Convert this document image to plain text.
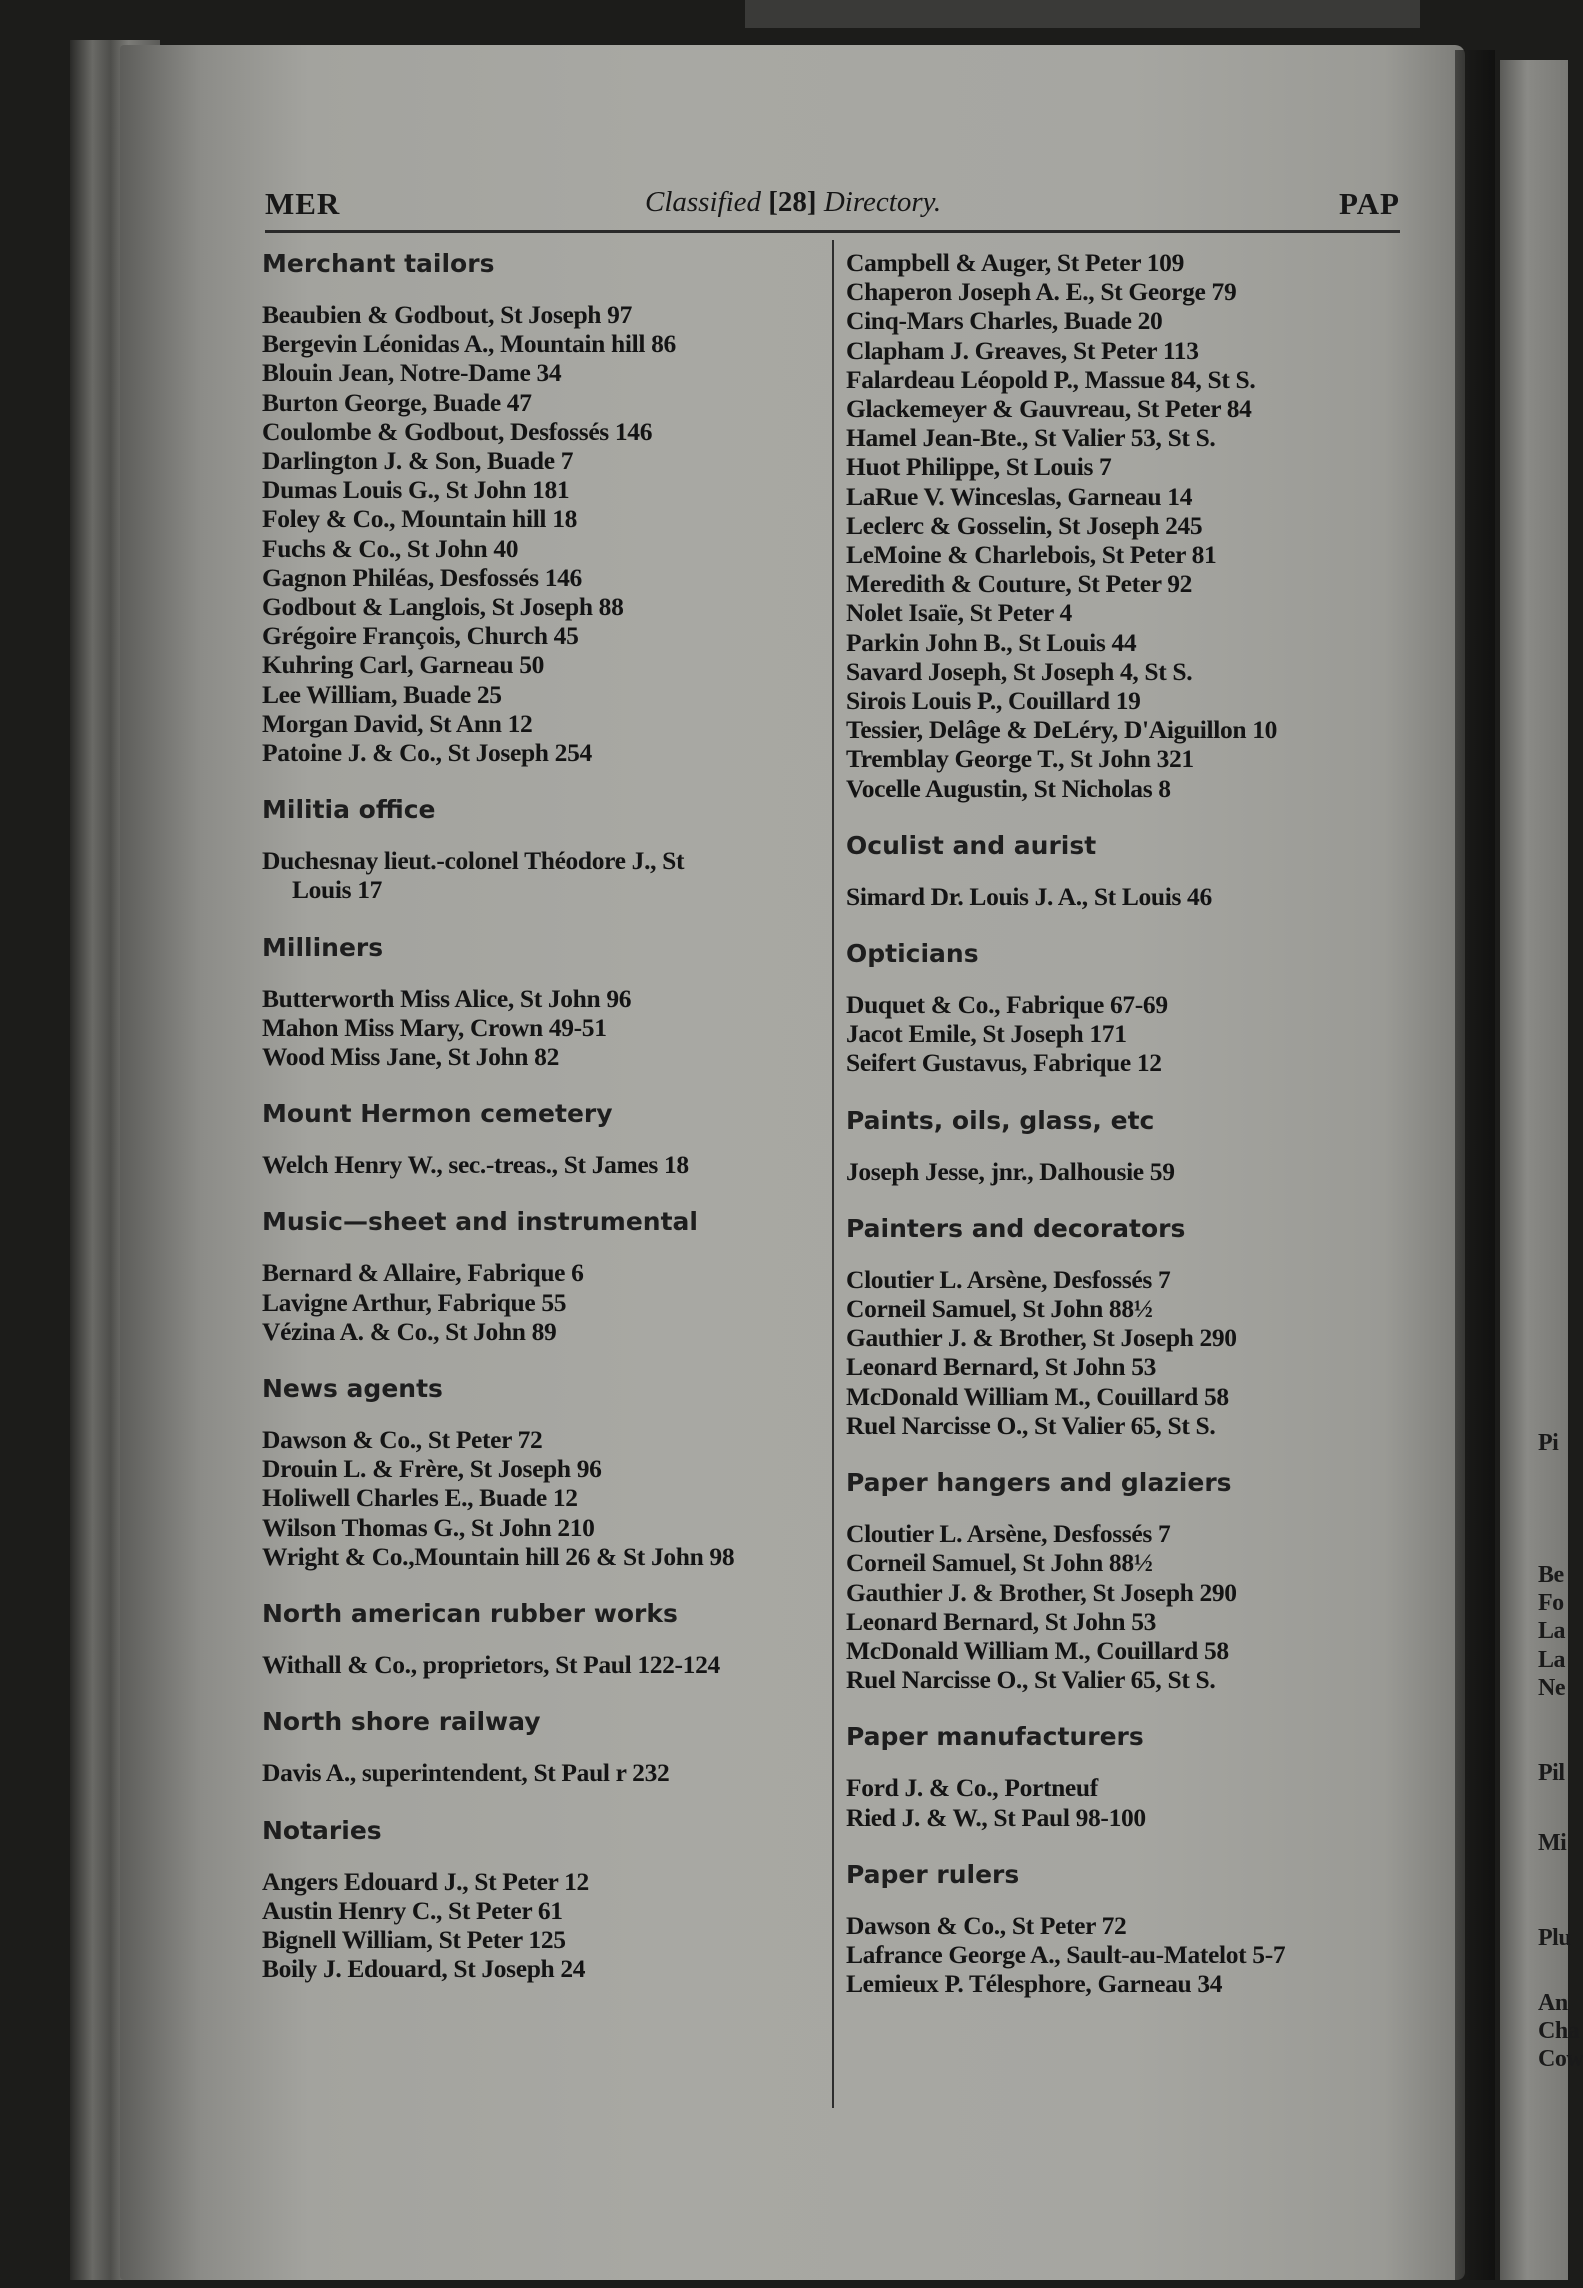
Pi
Be
Fo
La
La
Ne
Pil
Mi
Plu
An
Cha
Cow
MER	Classified [28] Directory.	PAP
Merchant tailors
Beaubien & Godbout, St Joseph 97
Bergevin Léonidas A., Mountain hill 86
Blouin Jean, Notre-Dame 34
Burton George, Buade 47
Coulombe & Godbout, Desfossés 146
Darlington J. & Son, Buade 7
Dumas Louis G., St John 181
Foley & Co., Mountain hill 18
Fuchs & Co., St John 40
Gagnon Philéas, Desfossés 146
Godbout & Langlois, St Joseph 88
Grégoire François, Church 45
Kuhring Carl, Garneau 50
Lee William, Buade 25
Morgan David, St Ann 12
Patoine J. & Co., St Joseph 254
Militia office
Duchesnay lieut.-colonel Théodore J., St
Louis 17
Milliners
Butterworth Miss Alice, St John 96
Mahon Miss Mary, Crown 49-51
Wood Miss Jane, St John 82
Mount Hermon cemetery
Welch Henry W., sec.-treas., St James 18
Music—sheet and instrumental
Bernard & Allaire, Fabrique 6
Lavigne Arthur, Fabrique 55
Vézina A. & Co., St John 89
News agents
Dawson & Co., St Peter 72
Drouin L. & Frère, St Joseph 96
Holiwell Charles E., Buade 12
Wilson Thomas G., St John 210
Wright & Co.,Mountain hill 26 & St John 98
North american rubber works
Withall & Co., proprietors, St Paul 122-124
North shore railway
Davis A., superintendent, St Paul r 232
Notaries
Angers Edouard J., St Peter 12
Austin Henry C., St Peter 61
Bignell William, St Peter 125
Boily J. Edouard, St Joseph 24
Campbell & Auger, St Peter 109
Chaperon Joseph A. E., St George 79
Cinq-Mars Charles, Buade 20
Clapham J. Greaves, St Peter 113
Falardeau Léopold P., Massue 84, St S.
Glackemeyer & Gauvreau, St Peter 84
Hamel Jean-Bte., St Valier 53, St S.
Huot Philippe, St Louis 7
LaRue V. Winceslas, Garneau 14
Leclerc & Gosselin, St Joseph 245
LeMoine & Charlebois, St Peter 81
Meredith & Couture, St Peter 92
Nolet Isaïe, St Peter 4
Parkin John B., St Louis 44
Savard Joseph, St Joseph 4, St S.
Sirois Louis P., Couillard 19
Tessier, Delâge & DeLéry, D'Aiguillon 10
Tremblay George T., St John 321
Vocelle Augustin, St Nicholas 8
Oculist and aurist
Simard Dr. Louis J. A., St Louis 46
Opticians
Duquet & Co., Fabrique 67-69
Jacot Emile, St Joseph 171
Seifert Gustavus, Fabrique 12
Paints, oils, glass, etc
Joseph Jesse, jnr., Dalhousie 59
Painters and decorators
Cloutier L. Arsène, Desfossés 7
Corneil Samuel, St John 88½
Gauthier J. & Brother, St Joseph 290
Leonard Bernard, St John 53
McDonald William M., Couillard 58
Ruel Narcisse O., St Valier 65, St S.
Paper hangers and glaziers
Cloutier L. Arsène, Desfossés 7
Corneil Samuel, St John 88½
Gauthier J. & Brother, St Joseph 290
Leonard Bernard, St John 53
McDonald William M., Couillard 58
Ruel Narcisse O., St Valier 65, St S.
Paper manufacturers
Ford J. & Co., Portneuf
Ried J. & W., St Paul 98-100
Paper rulers
Dawson & Co., St Peter 72
Lafrance George A., Sault-au-Matelot 5-7
Lemieux P. Télesphore, Garneau 34
